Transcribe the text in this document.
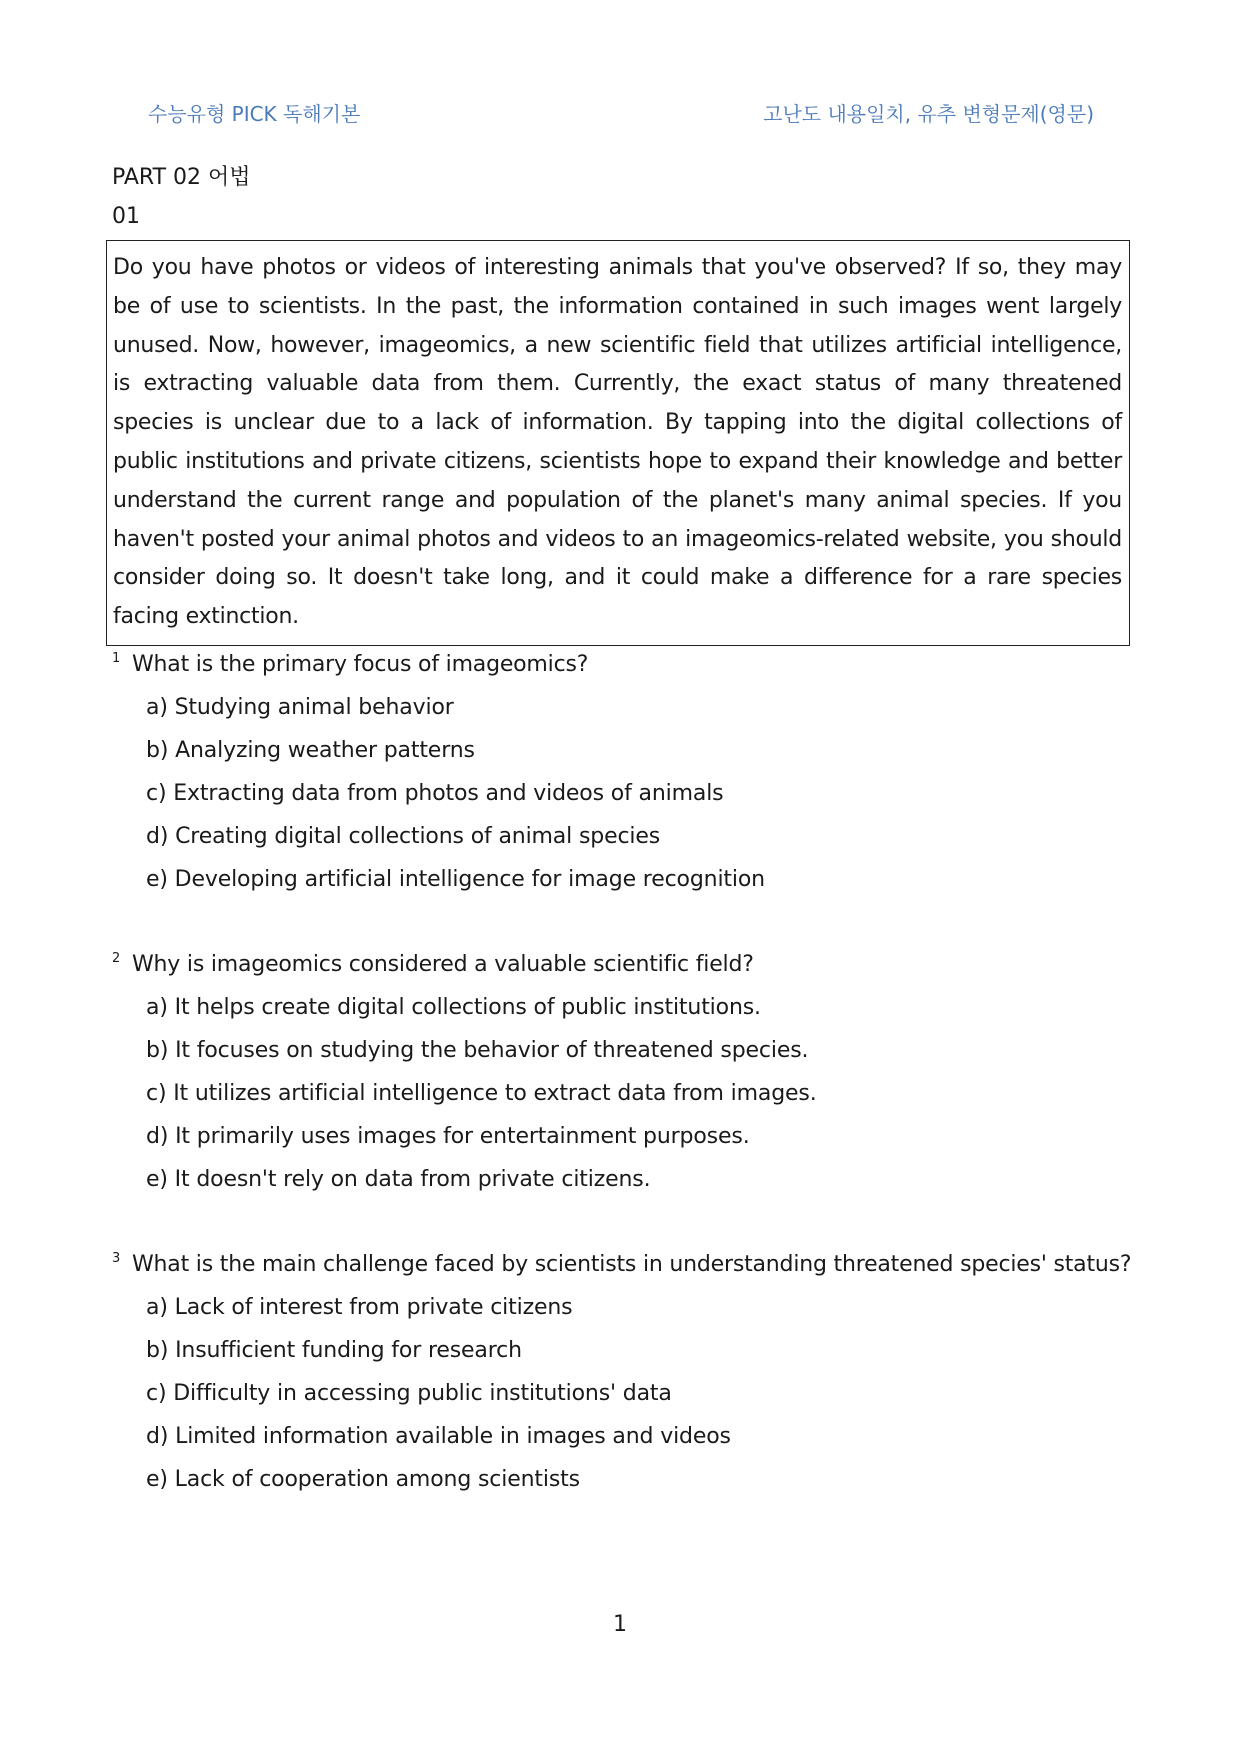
수능유형 PICK 독해기본	고난도 내용일치, 유추 변형문제(영문)
PART 02 어법
01
Do you have photos or videos of interesting animals that you've observed? If so, they may be of use to scientists. In the past, the information contained in such images went largely unused. Now, however, imageomics, a new scientific field that utilizes artificial intelligence, is extracting valuable data from them. Currently, the exact status of many threatened species is unclear due to a lack of information. By tapping into the digital collections of public institutions and private citizens, scientists hope to expand their knowledge and better understand the current range and population of the planet's many animal species. If you haven't posted your animal photos and videos to an imageomics-related website, you should consider doing so. It doesn't take long, and it could make a difference for a rare species facing extinction.
1 What is the primary focus of imageomics?
a) Studying animal behavior
b) Analyzing weather patterns
c) Extracting data from photos and videos of animals
d) Creating digital collections of animal species
e) Developing artificial intelligence for image recognition
2 Why is imageomics considered a valuable scientific field?
a) It helps create digital collections of public institutions.
b) It focuses on studying the behavior of threatened species.
c) It utilizes artificial intelligence to extract data from images.
d) It primarily uses images for entertainment purposes.
e) It doesn't rely on data from private citizens.
3 What is the main challenge faced by scientists in understanding threatened species' status?
a) Lack of interest from private citizens
b) Insufficient funding for research
c) Difficulty in accessing public institutions' data
d) Limited information available in images and videos
e) Lack of cooperation among scientists
1
